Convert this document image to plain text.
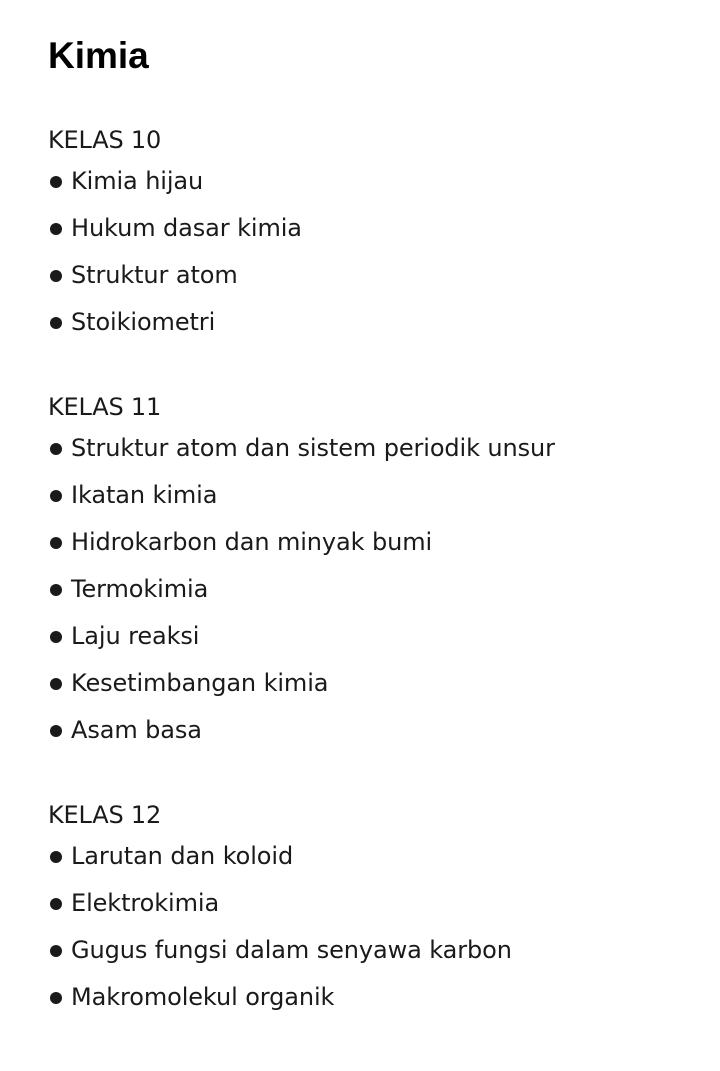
Kimia
KELAS 10
Kimia hijau
Hukum dasar kimia
Struktur atom
Stoikiometri
KELAS 11
Struktur atom dan sistem periodik unsur
Ikatan kimia
Hidrokarbon dan minyak bumi
Termokimia
Laju reaksi
Kesetimbangan kimia
Asam basa
KELAS 12
Larutan dan koloid
Elektrokimia
Gugus fungsi dalam senyawa karbon
Makromolekul organik
